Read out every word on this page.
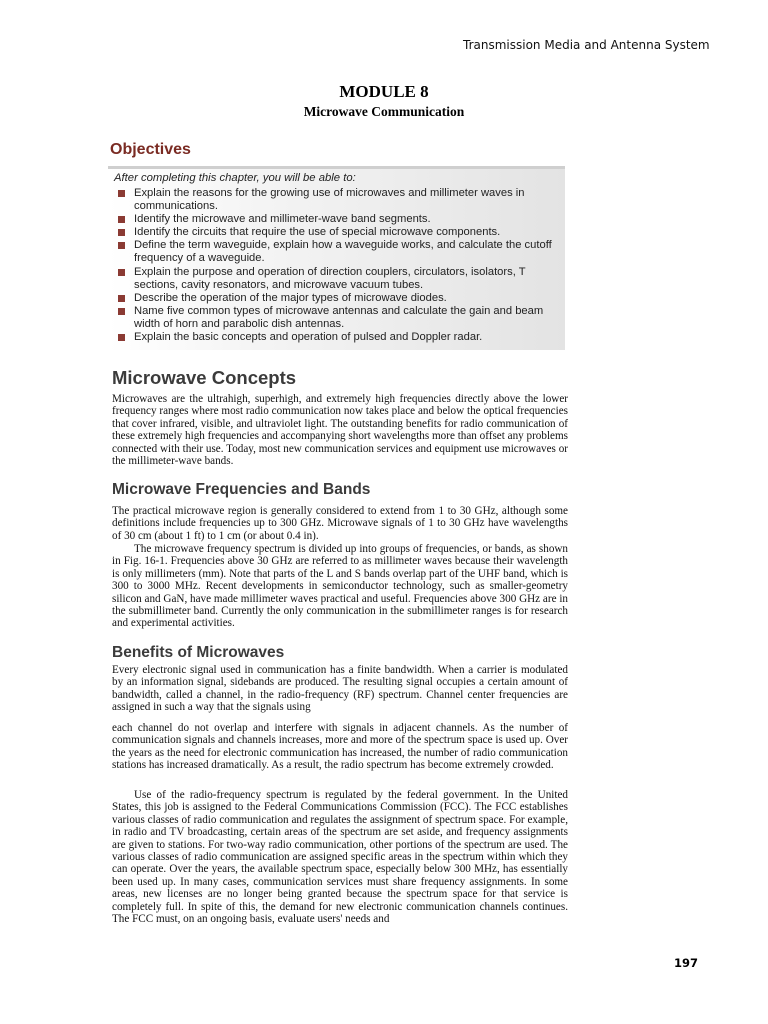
Transmission Media and Antenna System

MODULE 8
Microwave Communication
Objectives

After completing this chapter, you will be able to:

Explain the reasons for the growing use of microwaves and millimeter waves in communications.
Identify the microwave and millimeter-wave band segments.
Identify the circuits that require the use of special microwave components.
Define the term waveguide, explain how a waveguide works, and calculate the cutoff frequency of a waveguide.
Explain the purpose and operation of direction couplers, circulators, isolators, T sections, cavity resonators, and microwave vacuum tubes.
Describe the operation of the major types of microwave diodes.
Name five common types of microwave antennas and calculate the gain and beam width of horn and parabolic dish antennas.
Explain the basic concepts and operation of pulsed and Doppler radar.
Microwave Concepts

Microwaves are the ultrahigh, superhigh, and extremely high frequencies directly above the lower frequency ranges where most radio communication now takes place and below the optical frequencies that cover infrared, visible, and ultraviolet light. The outstanding benefits for radio communication of these extremely high frequencies and accompanying short wavelengths more than offset any problems connected with their use. Today, most new communication services and equipment use microwaves or the millimeter-wave bands.

Microwave Frequencies and Bands

The practical microwave region is generally considered to extend from 1 to 30 GHz, although some definitions include frequencies up to 300 GHz. Microwave signals of 1 to 30 GHz have wavelengths of 30 cm (about 1 ft) to 1 cm (or about 0.4 in).

The microwave frequency spectrum is divided up into groups of frequencies, or bands, as shown in Fig. 16-1. Frequencies above 30 GHz are referred to as millimeter waves because their wavelength is only millimeters (mm). Note that parts of the L and S bands overlap part of the UHF band, which is 300 to 3000 MHz. Recent developments in semiconductor technology, such as smaller-geometry silicon and GaN, have made millimeter waves practical and useful. Frequencies above 300 GHz are in the submillimeter band. Currently the only communication in the submillimeter ranges is for research and experimental activities.

Benefits of Microwaves

Every electronic signal used in communication has a finite bandwidth. When a carrier is modulated by an information signal, sidebands are produced. The resulting signal occupies a certain amount of bandwidth, called a channel, in the radio-frequency (RF) spectrum. Channel center frequencies are assigned in such a way that the signals using

each channel do not overlap and interfere with signals in adjacent channels. As the number of communication signals and channels increases, more and more of the spectrum space is used up. Over the years as the need for electronic communication has increased, the number of radio communication stations has increased dramatically. As a result, the radio spectrum has become extremely crowded.

Use of the radio-frequency spectrum is regulated by the federal government. In the United States, this job is assigned to the Federal Communications Commission (FCC). The FCC establishes various classes of radio communication and regulates the assignment of spectrum space. For example, in radio and TV broadcasting, certain areas of the spectrum are set aside, and frequency assignments are given to stations. For two-way radio communication, other portions of the spectrum are used. The various classes of radio communication are assigned specific areas in the spectrum within which they can operate. Over the years, the available spectrum space, especially below 300 MHz, has essentially been used up. In many cases, communication services must share frequency assignments. In some areas, new licenses are no longer being granted because the spectrum space for that service is completely full. In spite of this, the demand for new electronic communication channels continues. The FCC must, on an ongoing basis, evaluate users' needs and

197
